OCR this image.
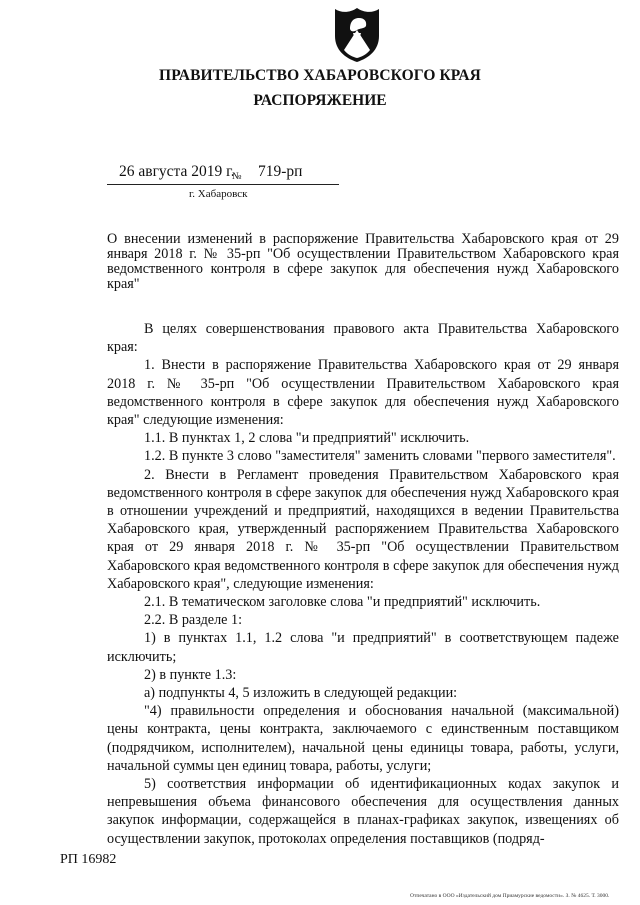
ПРАВИТЕЛЬСТВО ХАБАРОВСКОГО КРАЯ
РАСПОРЯЖЕНИЕ
26 августа 2019 г.
№ 719-рп
г. Хабаровск
О внесении изменений в распоряжение Правительства Хабаровского края от 29 января 2018 г. № 35-рп "Об осуществлении Правительством Хабаровского края ведомственного контроля в сфере закупок для обеспечения нужд Хабаровского края"

В целях совершенствования правового акта Правительства Хабаровского края:

1. Внести в распоряжение Правительства Хабаровского края от 29 января 2018 г. № 35-рп "Об осуществлении Правительством Хабаровского края ведомственного контроля в сфере закупок для обеспечения нужд Хабаровского края" следующие изменения:

1.1. В пунктах 1, 2 слова "и предприятий" исключить.

1.2. В пункте 3 слово "заместителя" заменить словами "первого заместителя".

2. Внести в Регламент проведения Правительством Хабаровского края ведомственного контроля в сфере закупок для обеспечения нужд Хабаровского края в отношении учреждений и предприятий, находящихся в ведении Правительства Хабаровского края, утвержденный распоряжением Правительства Хабаровского края от 29 января 2018 г. № 35-рп "Об осуществлении Правительством Хабаровского края ведомственного контроля в сфере закупок для обеспечения нужд Хабаровского края", следующие изменения:

2.1. В тематическом заголовке слова "и предприятий" исключить.

2.2. В разделе 1:

1) в пунктах 1.1, 1.2 слова "и предприятий" в соответствующем падеже исключить;

2) в пункте 1.3:

а) подпункты 4, 5 изложить в следующей редакции:

"4) правильности определения и обоснования начальной (максимальной) цены контракта, цены контракта, заключаемого с единственным поставщиком (подрядчиком, исполнителем), начальной цены единицы товара, работы, услуги, начальной суммы цен единиц товара, работы, услуги;

5) соответствия информации об идентификационных кодах закупок и непревышения объема финансового обеспечения для осуществления данных закупок информации, содержащейся в планах-графиках закупок, извещениях об осуществлении закупок, протоколах определения поставщиков (подряд-

РП 16982
Отпечатано в ООО «Издательский дом Приамурские ведомости». З. № 4625. Т. 3000.
